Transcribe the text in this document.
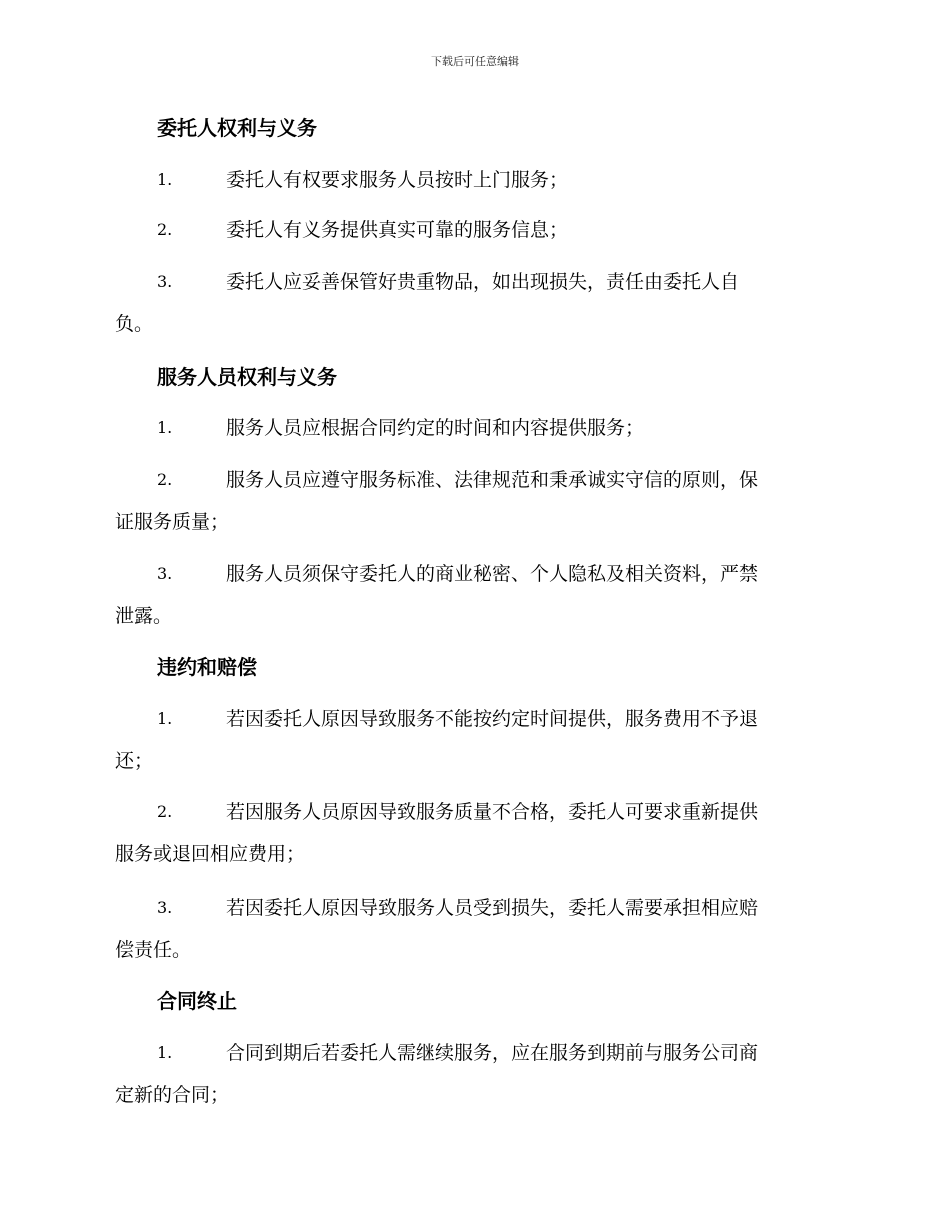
下载后可任意编辑
委托人权利与义务
1.	委托人有权要求服务人员按时上门服务；
2.	委托人有义务提供真实可靠的服务信息；
3.	委托人应妥善保管好贵重物品，如出现损失，责任由委托人自
负。
服务人员权利与义务
1.	服务人员应根据合同约定的时间和内容提供服务；
2.	服务人员应遵守服务标准、法律规范和秉承诚实守信的原则，保
证服务质量；
3.	服务人员须保守委托人的商业秘密、个人隐私及相关资料，严禁
泄露。
违约和赔偿
1.	若因委托人原因导致服务不能按约定时间提供，服务费用不予退
还；
2.	若因服务人员原因导致服务质量不合格，委托人可要求重新提供
服务或退回相应费用；
3.	若因委托人原因导致服务人员受到损失，委托人需要承担相应赔
偿责任。
合同终止
1.	合同到期后若委托人需继续服务，应在服务到期前与服务公司商
定新的合同；
